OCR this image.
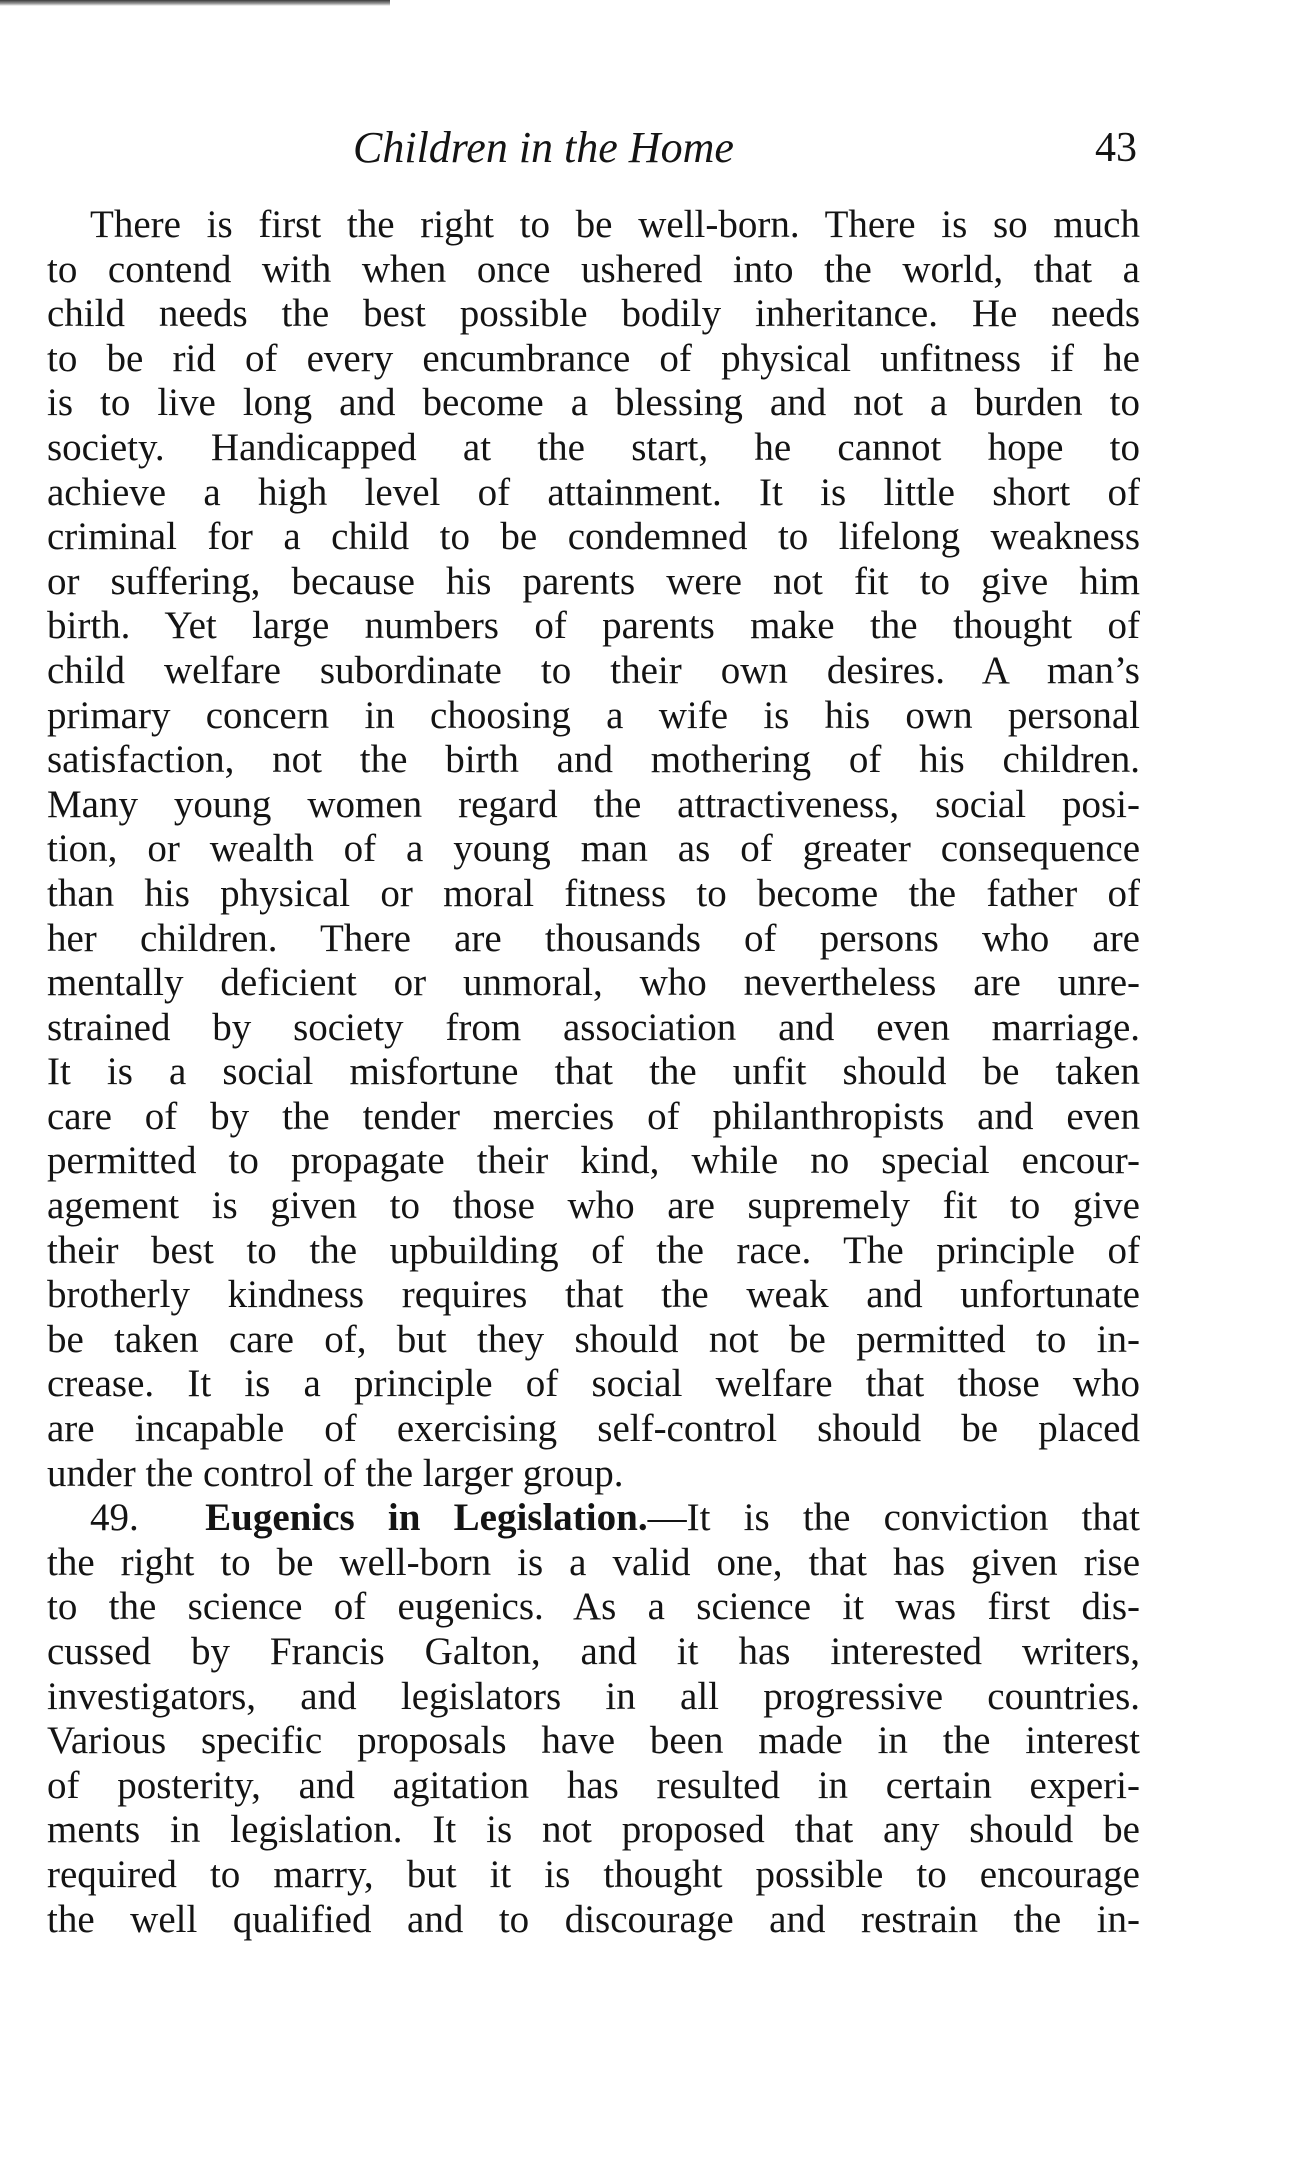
Children in the Home	43
There is first the right to be well-born. There is so much
to contend with when once ushered into the world, that a
child needs the best possible bodily inheritance. He needs
to be rid of every encumbrance of physical unfitness if he
is to live long and become a blessing and not a burden to
society. Handicapped at the start, he cannot hope to
achieve a high level of attainment. It is little short of
criminal for a child to be condemned to lifelong weakness
or suffering, because his parents were not fit to give him
birth. Yet large numbers of parents make the thought of
child welfare subordinate to their own desires. A man’s
primary concern in choosing a wife is his own personal
satisfaction, not the birth and mothering of his children.
Many young women regard the attractiveness, social posi-
tion, or wealth of a young man as of greater consequence
than his physical or moral fitness to become the father of
her children. There are thousands of persons who are
mentally deficient or unmoral, who nevertheless are unre-
strained by society from association and even marriage.
It is a social misfortune that the unfit should be taken
care of by the tender mercies of philanthropists and even
permitted to propagate their kind, while no special encour-
agement is given to those who are supremely fit to give
their best to the upbuilding of the race. The principle of
brotherly kindness requires that the weak and unfortunate
be taken care of, but they should not be permitted to in-
crease. It is a principle of social welfare that those who
are incapable of exercising self-control should be placed
under the control of the larger group.
49. Eugenics in Legislation.—It is the conviction that
the right to be well-born is a valid one, that has given rise
to the science of eugenics. As a science it was first dis-
cussed by Francis Galton, and it has interested writers,
investigators, and legislators in all progressive countries.
Various specific proposals have been made in the interest
of posterity, and agitation has resulted in certain experi-
ments in legislation. It is not proposed that any should be
required to marry, but it is thought possible to encourage
the well qualified and to discourage and restrain the in-
